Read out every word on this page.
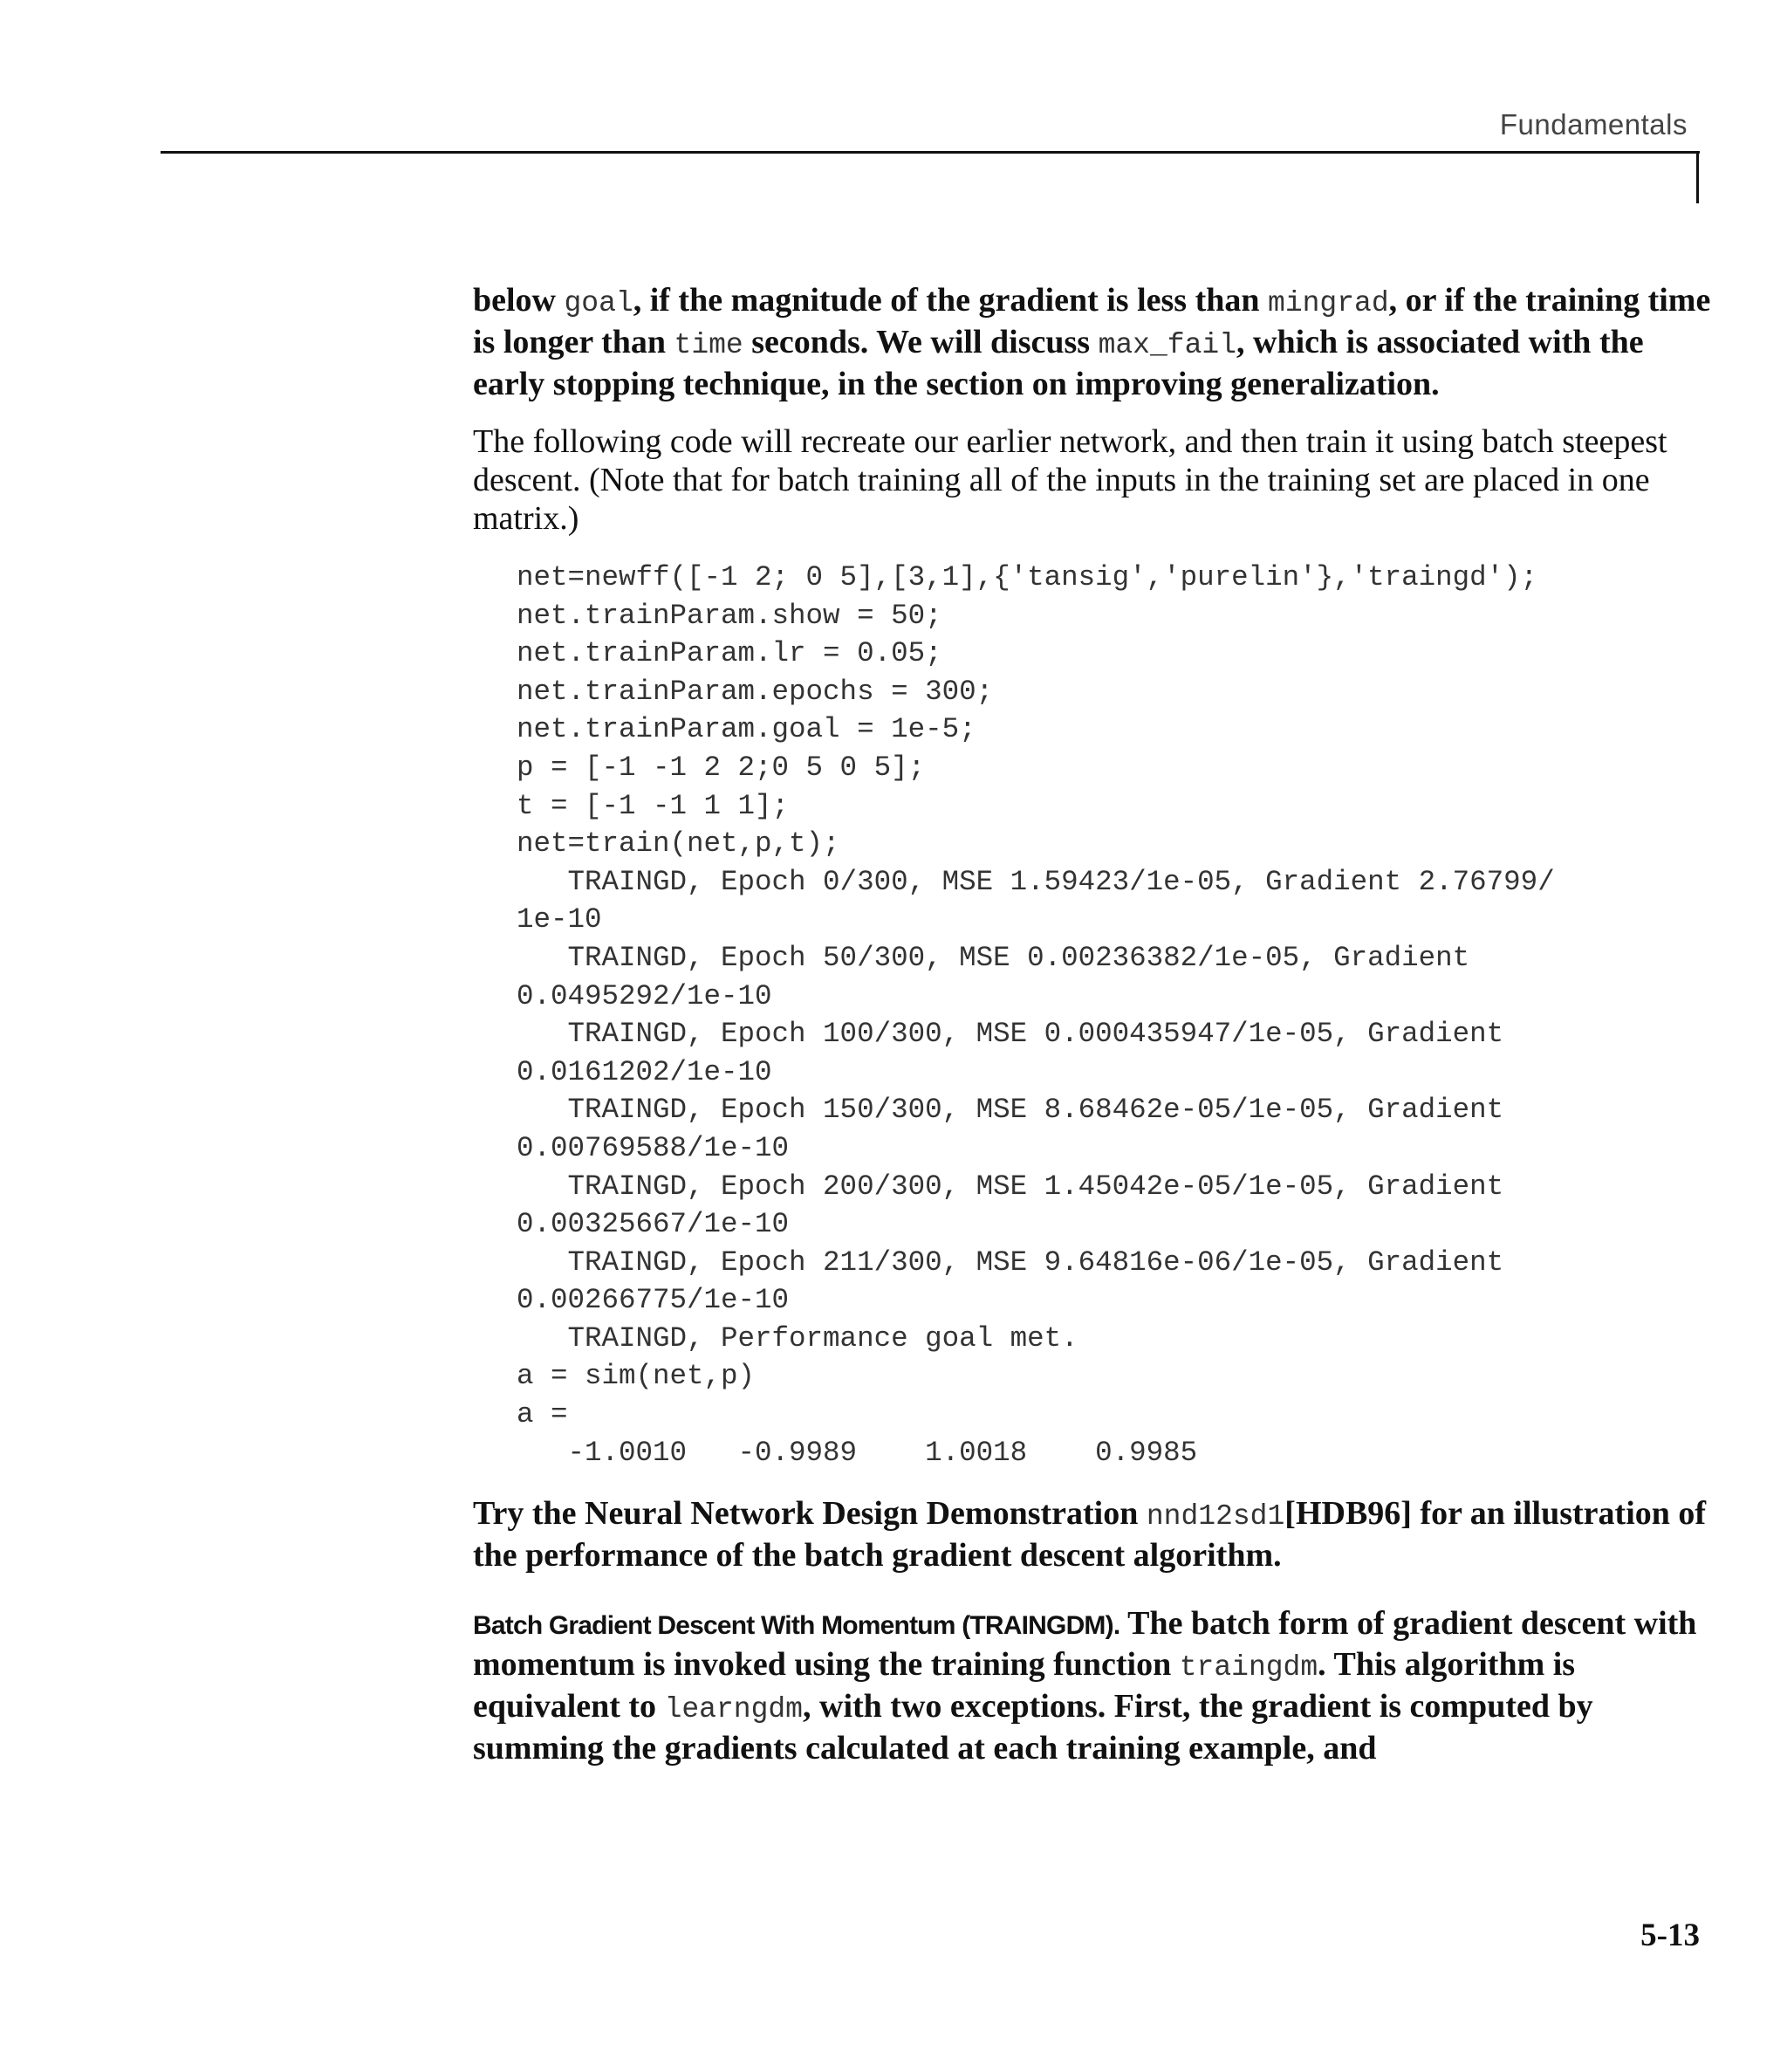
Fundamentals

below goal, if the magnitude of the gradient is less than mingrad, or if the training time is longer than time seconds. We will discuss max_fail, which is associated with the early stopping technique, in the section on improving generalization.

The following code will recreate our earlier network, and then train it using batch steepest descent. (Note that for batch training all of the inputs in the training set are placed in one matrix.)

net=newff([-1 2; 0 5],[3,1],{'tansig','purelin'},'traingd');
net.trainParam.show = 50;
net.trainParam.lr = 0.05;
net.trainParam.epochs = 300;
net.trainParam.goal = 1e-5;
p = [-1 -1 2 2;0 5 0 5];
t = [-1 -1 1 1];
net=train(net,p,t);
TRAINGD, Epoch 0/300, MSE 1.59423/1e-05, Gradient 2.76799/
1e-10
TRAINGD, Epoch 50/300, MSE 0.00236382/1e-05, Gradient
0.0495292/1e-10
TRAINGD, Epoch 100/300, MSE 0.000435947/1e-05, Gradient
0.0161202/1e-10
TRAINGD, Epoch 150/300, MSE 8.68462e-05/1e-05, Gradient
0.00769588/1e-10
TRAINGD, Epoch 200/300, MSE 1.45042e-05/1e-05, Gradient
0.00325667/1e-10
TRAINGD, Epoch 211/300, MSE 9.64816e-06/1e-05, Gradient
0.00266775/1e-10
TRAINGD, Performance goal met.
a = sim(net,p)
a =
-1.0010   -0.9989    1.0018    0.9985

Try the Neural Network Design Demonstration nnd12sd1[HDB96] for an illustration of the performance of the batch gradient descent algorithm.

Batch Gradient Descent With Momentum (TRAINGDM). The batch form of gradient descent with momentum is invoked using the training function traingdm. This algorithm is equivalent to learngdm, with two exceptions. First, the gradient is computed by summing the gradients calculated at each training example, and

5-13
